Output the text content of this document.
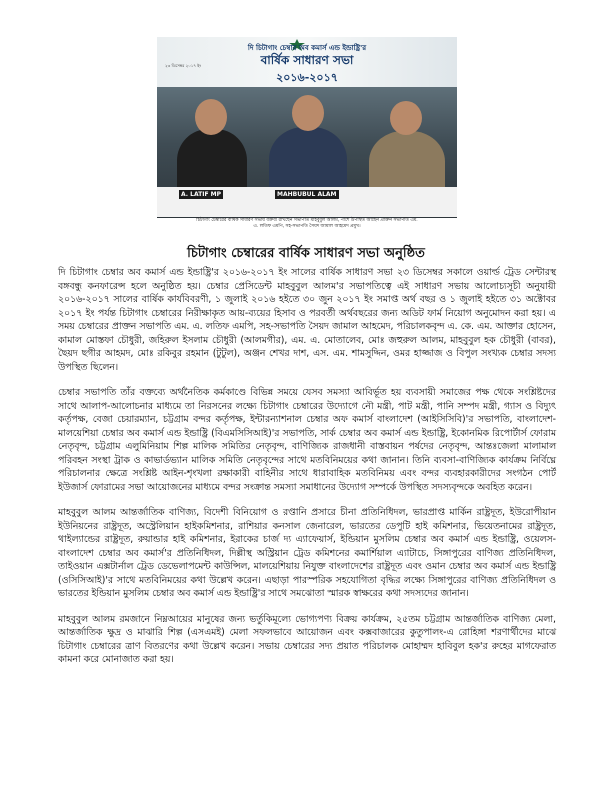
দি চিটাগাং চেম্বার অব কমার্স এন্ড ইন্ডাষ্ট্রি'র
বার্ষিক সাধারণ সভা
২০১৬-২০১৭
২৩ ডিসেম্বর ২০১৭ ইং
A. LATIF MP	MAHBUBUL ALAM
চিটাগাং চেম্বারের বার্ষিক সাধারণ সভায় বক্তব্য রাখছেন সভাপতি মাহবুবুল আলম, পাশে উপস্থিত আছেন প্রাক্তন সভাপতি এম.
এ. লতিফ এমপি, সহ-সভাপতি সৈয়দ জামাল আহমেদ প্রমুখ।
চিটাগাং চেম্বারের বার্ষিক সাধারণ সভা অনুষ্ঠিত

দি চিটাগাং চেম্বার অব কমার্স এন্ড ইন্ডাষ্ট্রি'র ২০১৬-২০১৭ ইং সালের বার্ষিক সাধারণ সভা ২৩ ডিসেম্বর সকালে ওয়ার্ল্ড ট্রেড সেন্টারস্থ বঙ্গবন্ধু কনফারেন্স হলে অনুষ্ঠিত হয়। চেম্বার প্রেসিডেন্ট মাহবুবুল আলম'র সভাপতিত্বে এই সাধারণ সভায় আলোচ্যসূচী অনুযায়ী ২০১৬-২০১৭ সালের বার্ষিক কার্যবিবরণী, ১ জুলাই ২০১৬ হইতে ৩০ জুন ২০১৭ ইং সমাপ্ত অর্থ বছর ও ১ জুলাই হইতে ৩১ অক্টোবর ২০১৭ ইং পর্যন্ত চিটাগাং চেম্বারের নিরীক্ষাকৃত আয়-ব্যয়ের হিসাব ও পরবর্তী অর্থবছরের জন্য অডিট ফার্ম নিয়োগ অনুমোদন করা হয়। এ সময় চেম্বারের প্রাক্তন সভাপতি এম. এ. লতিফ এমপি, সহ-সভাপতি সৈয়দ জামাল আহমেদ, পরিচালকবৃন্দ এ. কে. এম. আক্তার হোসেন, কামাল মোস্তফা চৌধুরী, জহিরুল ইসলাম চৌধুরী (আলমগীর), এম. এ. মোতালেব, মোঃ জহুরুল আলম, মাহবুবুল হক চৌধুরী (বাবর), ছৈয়দ ছগীর আহমদ, মোঃ রকিবুর রহমান (টুটুল), অঞ্জন শেখর দাশ, এস. এম. শামসুদ্দিন, ওমর হাজ্জাজ ও বিপুল সংখ্যক চেম্বার সদস্য উপস্থিত ছিলেন।

চেম্বার সভাপতি তাঁর বক্তব্যে অর্থনৈতিক কর্মকাণ্ডে বিভিন্ন সময়ে যেসব সমস্যা আবির্ভূত হয় ব্যবসায়ী সমাজের পক্ষ থেকে সংশ্লিষ্টদের সাথে আলাপ-আলোচনার মাধ্যমে তা নিরসনের লক্ষ্যে চিটাগাং চেম্বারের উদ্যোগে নৌ মন্ত্রী, পাট মন্ত্রী, পানি সম্পদ মন্ত্রী, গ্যাস ও বিদ্যুৎ কর্তৃপক্ষ, বেজা চেয়ারম্যান, চট্টগ্রাম বন্দর কর্তৃপক্ষ, ইন্টারন্যাশনাল চেম্বার অফ কমার্স বাংলাদেশ (আইসিসিবি)'র সভাপতি, বাংলাদেশ-মালয়েশিয়া চেম্বার অব কমার্স এন্ড ইন্ডাষ্ট্রি (বিএমসিসিআই)'র সভাপতি, সার্ক চেম্বার অব কমার্স এন্ড ইন্ডাষ্ট্রি, ইকোনমিক রিপোর্টার্স ফোরাম নেতৃবৃন্দ, চট্টগ্রাম এলুমিনিয়াম শিল্প মালিক সমিতির নেতৃবৃন্দ, বাণিজ্যিক রাজধানী বাস্তবায়ন পর্ষদের নেতৃবৃন্দ, আন্তঃজেলা মালামাল পরিবহন সংস্থা ট্রাক ও কাভার্ডভ্যান মালিক সমিতি নেতৃবৃন্দের সাথে মতবিনিময়ের কথা জানান। তিনি ব্যবসা-বাণিজ্যিক কার্যক্রম নির্বিঘ্নে পরিচালনার ক্ষেত্রে সংশ্লিষ্ট আইন-শৃংখলা রক্ষাকারী বাহিনীর সাথে ধারাবাহিক মতবিনিময় এবং বন্দর ব্যবহারকারীদের সংগঠন পোর্ট ইউজার্স ফোরামের সভা আয়োজনের মাধ্যমে বন্দর সংক্রান্ত সমস্যা সমাধানের উদ্যোগ সম্পর্কে উপস্থিত সদস্যবৃন্দকে অবহিত করেন।

মাহবুবুল আলম আন্তর্জাতিক বাণিজ্য, বিদেশী বিনিয়োগ ও রপ্তানি প্রসারে চীনা প্রতিনিধিদল, ভারপ্রাপ্ত মার্কিন রাষ্ট্রদূত, ইউরোপীয়ান ইউনিয়নের রাষ্ট্রদূত, অস্ট্রেলিয়ান হাইকমিশনার, রাশিয়ার কনসাল জেনারেল, ভারতের ডেপুটি হাই কমিশনার, ভিয়েতনামের রাষ্ট্রদূত, থাইল্যান্ডের রাষ্ট্রদূত, রুয়ান্ডার হাই কমিশনার, ইরাকের চার্জ দ্য এ্যাফেয়ার্স, ইন্ডিয়ান মুসলিম চেম্বার অব কমার্স এন্ড ইন্ডাষ্ট্রি, ওয়েলস-বাংলাদেশ চেম্বার অব কমার্স'র প্রতিনিধিদল, দিল্লীস্থ অস্ট্রিয়ান ট্রেড কমিশনের কমার্শিয়াল এ্যাটাচে, সিঙ্গাপুরের বাণিজ্য প্রতিনিধিদল, তাইওয়ান এক্সটার্নাল ট্রেড ডেভেলাপমেন্ট কাউন্সিল, মালয়েশিয়ায় নিযুক্ত বাংলাদেশের রাষ্ট্রদূত এবং ওমান চেম্বার অব কমার্স এন্ড ইন্ডাষ্ট্রি (ওসিসিআই)'র সাথে মতবিনিময়ের কথা উল্লেখ করেন। এছাড়া পারস্পরিক সহযোগিতা বৃদ্ধির লক্ষ্যে সিঙ্গাপুরের বাণিজ্য প্রতিনিধিদল ও ভারতের ইন্ডিয়ান মুসলিম চেম্বার অব কমার্স এন্ড ইন্ডাষ্ট্রি'র সাথে সমঝোতা স্মারক স্বাক্ষরের কথা সদস্যদের জানান।

মাহবুবুল আলম রমজানে নিম্নআয়ের মানুষের জন্য ভর্তুকিমূল্যে ভোগ্যপণ্য বিক্রয় কার্যক্রম, ২৫তম চট্টগ্রাম আন্তর্জাতিক বাণিজ্য মেলা, আন্তর্জাতিক ক্ষুদ্র ও মাঝারি শিল্প (এসএমই) মেলা সফলভাবে আয়োজন এবং কক্সবাজারের কুতুপালং-এ রোহিঙ্গা শরণার্থীদের মাঝে চিটাগাং চেম্বারের ত্রাণ বিতরণের কথা উল্লেখ করেন। সভায় চেম্বারের সদ্য প্রয়াত পরিচালক মোহাম্মদ হাবিবুল হক'র রুহের মাগফেরাত কামনা করে মোনাজাত করা হয়।
